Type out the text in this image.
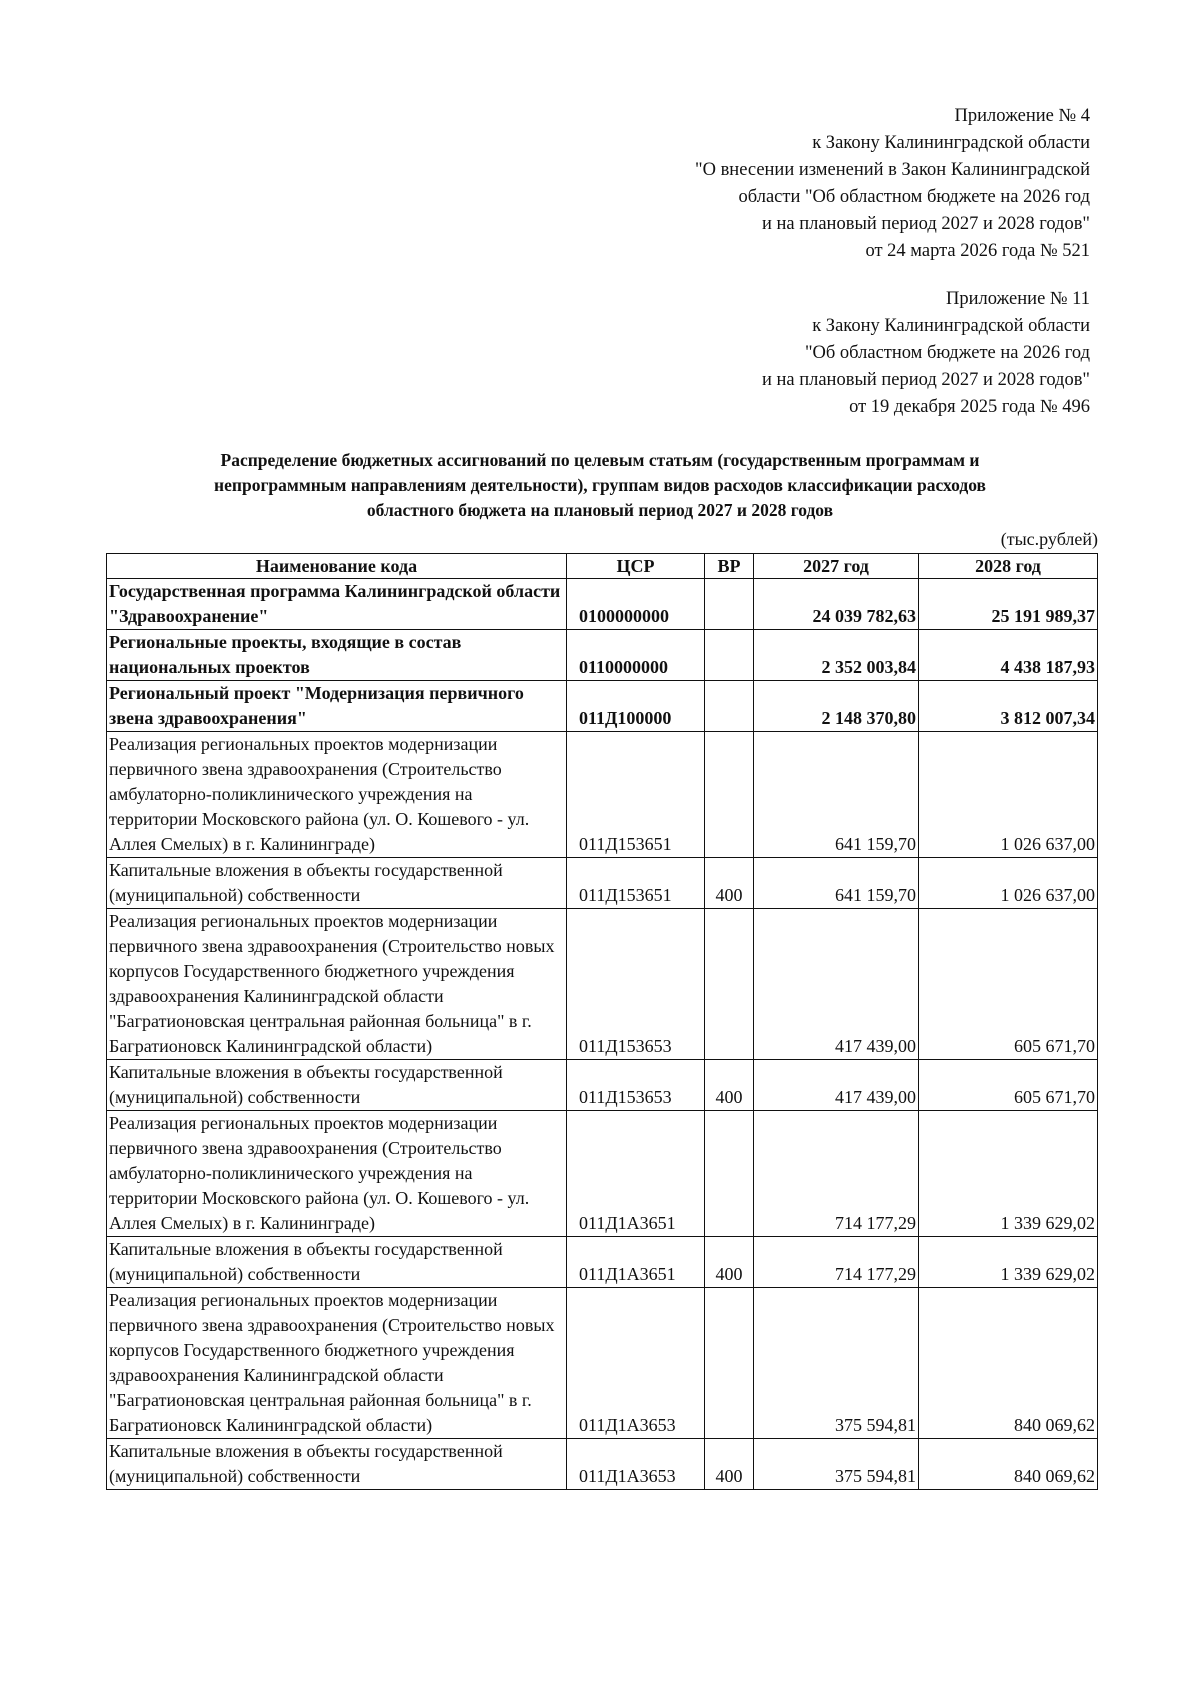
Приложение № 4
к Закону Калининградской области
"О внесении изменений в Закон Калининградской
области "Об областном бюджете на 2026 год
и на плановый период 2027 и 2028 годов"
от 24 марта 2026 года № 521
Приложение № 11
к Закону Калининградской области
"Об областном бюджете на 2026 год
и на плановый период 2027 и 2028 годов"
от 19 декабря 2025 года № 496
Распределение бюджетных ассигнований по целевым статьям (государственным программам и
непрограммным направлениям деятельности), группам видов расходов классификации расходов
областного бюджета на плановый период 2027 и 2028 годов
(тыс.рублей)
Наименование кода	ЦСР	ВР	2027 год	2028 год
Государственная программа Калининградской области "Здравоохранение"	0100000000		24 039 782,63	25 191 989,37
Региональные проекты, входящие в состав национальных проектов	0110000000		2 352 003,84	4 438 187,93
Региональный проект "Модернизация первичного звена здравоохранения"	011Д100000		2 148 370,80	3 812 007,34
Реализация региональных проектов модернизации первичного звена здравоохранения (Строительство амбулаторно-поликлинического учреждения на территории Московского района (ул. О. Кошевого - ул. Аллея Смелых) в г. Калининграде)	011Д153651		641 159,70	1 026 637,00
Капитальные вложения в объекты государственной (муниципальной) собственности	011Д153651	400	641 159,70	1 026 637,00
Реализация региональных проектов модернизации первичного звена здравоохранения (Строительство новых корпусов Государственного бюджетного учреждения здравоохранения Калининградской области "Багратионовская центральная районная больница" в г. Багратионовск Калининградской области)	011Д153653		417 439,00	605 671,70
Капитальные вложения в объекты государственной (муниципальной) собственности	011Д153653	400	417 439,00	605 671,70
Реализация региональных проектов модернизации первичного звена здравоохранения (Строительство амбулаторно-поликлинического учреждения на территории Московского района (ул. О. Кошевого - ул. Аллея Смелых) в г. Калининграде)	011Д1А3651		714 177,29	1 339 629,02
Капитальные вложения в объекты государственной (муниципальной) собственности	011Д1А3651	400	714 177,29	1 339 629,02
Реализация региональных проектов модернизации первичного звена здравоохранения (Строительство новых корпусов Государственного бюджетного учреждения здравоохранения Калининградской области "Багратионовская центральная районная больница" в г. Багратионовск Калининградской области)	011Д1А3653		375 594,81	840 069,62
Капитальные вложения в объекты государственной (муниципальной) собственности	011Д1А3653	400	375 594,81	840 069,62
